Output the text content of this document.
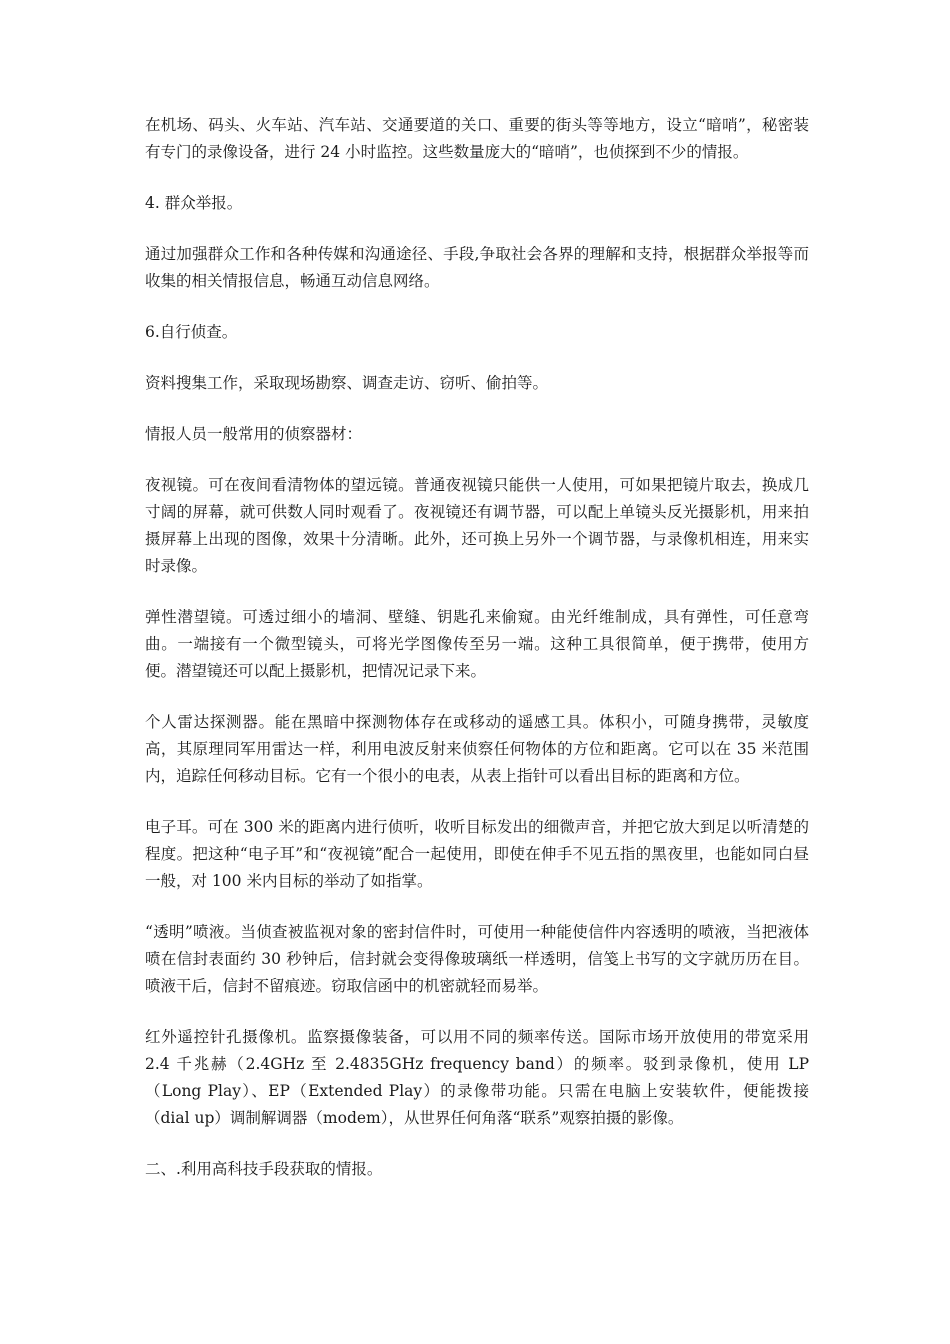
在机场、码头、火车站、汽车站、交通要道的关口、重要的街头等等地方，设立“暗哨”，秘密装有专门的录像设备，进行 24 小时监控。这些数量庞大的“暗哨”，也侦探到不少的情报。

4. 群众举报。

通过加强群众工作和各种传媒和沟通途径、手段,争取社会各界的理解和支持，根据群众举报等而收集的相关情报信息，畅通互动信息网络。

6.自行侦查。

资料搜集工作，采取现场勘察、调查走访、窃听、偷拍等。

情报人员一般常用的侦察器材：

夜视镜。可在夜间看清物体的望远镜。普通夜视镜只能供一人使用，可如果把镜片取去，换成几寸阔的屏幕，就可供数人同时观看了。夜视镜还有调节器，可以配上单镜头反光摄影机，用来拍摄屏幕上出现的图像，效果十分清晰。此外，还可换上另外一个调节器，与录像机相连，用来实时录像。

弹性潜望镜。可透过细小的墙洞、壁缝、钥匙孔来偷窥。由光纤维制成，具有弹性，可任意弯曲。一端接有一个微型镜头，可将光学图像传至另一端。这种工具很简单，便于携带，使用方便。潜望镜还可以配上摄影机，把情况记录下来。

个人雷达探测器。能在黑暗中探测物体存在或移动的遥感工具。体积小，可随身携带，灵敏度高，其原理同军用雷达一样，利用电波反射来侦察任何物体的方位和距离。它可以在 35 米范围内，追踪任何移动目标。它有一个很小的电表，从表上指针可以看出目标的距离和方位。

电子耳。可在 300 米的距离内进行侦听，收听目标发出的细微声音，并把它放大到足以听清楚的程度。把这种“电子耳”和“夜视镜”配合一起使用，即使在伸手不见五指的黑夜里，也能如同白昼一般，对 100 米内目标的举动了如指掌。

“透明”喷液。当侦查被监视对象的密封信件时，可使用一种能使信件内容透明的喷液，当把液体喷在信封表面约 30 秒钟后，信封就会变得像玻璃纸一样透明，信笺上书写的文字就历历在目。喷液干后，信封不留痕迹。窃取信函中的机密就轻而易举。

红外遥控针孔摄像机。监察摄像装备，可以用不同的频率传送。国际市场开放使用的带宽采用 2.4 千兆赫（2.4GHz 至 2.4835GHz frequency band）的频率。驳到录像机，使用 LP（Long Play）、EP（Extended Play）的录像带功能。只需在电脑上安装软件，便能拨接（dial up）调制解调器（modem），从世界任何角落“联系”观察拍摄的影像。

二、.利用高科技手段获取的情报。
